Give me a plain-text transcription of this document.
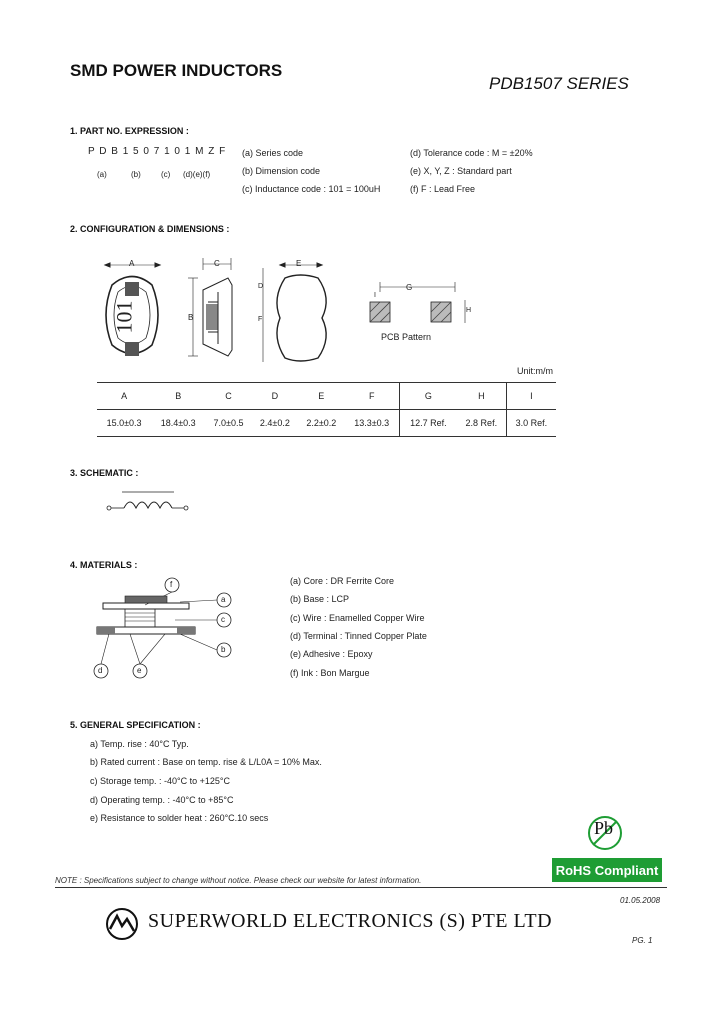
SMD POWER INDUCTORS
PDB1507 SERIES
1. PART NO. EXPRESSION :
P D B 1 5 0 7 1 0 1 M Z F
(a)	(b)	(c) (d)(e)(f)
(a) Series code
(b) Dimension code
(c) Inductance code : 101 = 100uH
(d) Tolerance code : M = ±20%
(e) X, Y, Z : Standard part
(f) F : Lead Free
2. CONFIGURATION & DIMENSIONS :
101
A	C
B
E
D
F
G
H
I
PCB Pattern
Unit:m/m
A	B	C	D	E	F	G	H	I
15.0±0.3	18.4±0.3	7.0±0.5	2.4±0.2	2.2±0.2	13.3±0.3	12.7 Ref.	2.8 Ref.	3.0 Ref.
3. SCHEMATIC :
4. MATERIALS :
f
a
c
b
d	e
(a) Core : DR Ferrite Core
(b) Base : LCP
(c) Wire : Enamelled Copper Wire
(d) Terminal : Tinned Copper Plate
(e) Adhesive : Epoxy
(f) Ink : Bon Margue
5. GENERAL SPECIFICATION :
a) Temp. rise : 40°C Typ.
b) Rated current : Base on temp. rise & L/L0A = 10% Max.
c) Storage temp. : -40°C to +125°C
d) Operating temp. : -40°C to +85°C
e) Resistance to solder heat : 260°C.10 secs	Pb
RoHS Compliant
NOTE : Specifications subject to change without notice. Please check our website for latest information.
01.05.2008
SUPERWORLD ELECTRONICS (S) PTE LTD
PG. 1
